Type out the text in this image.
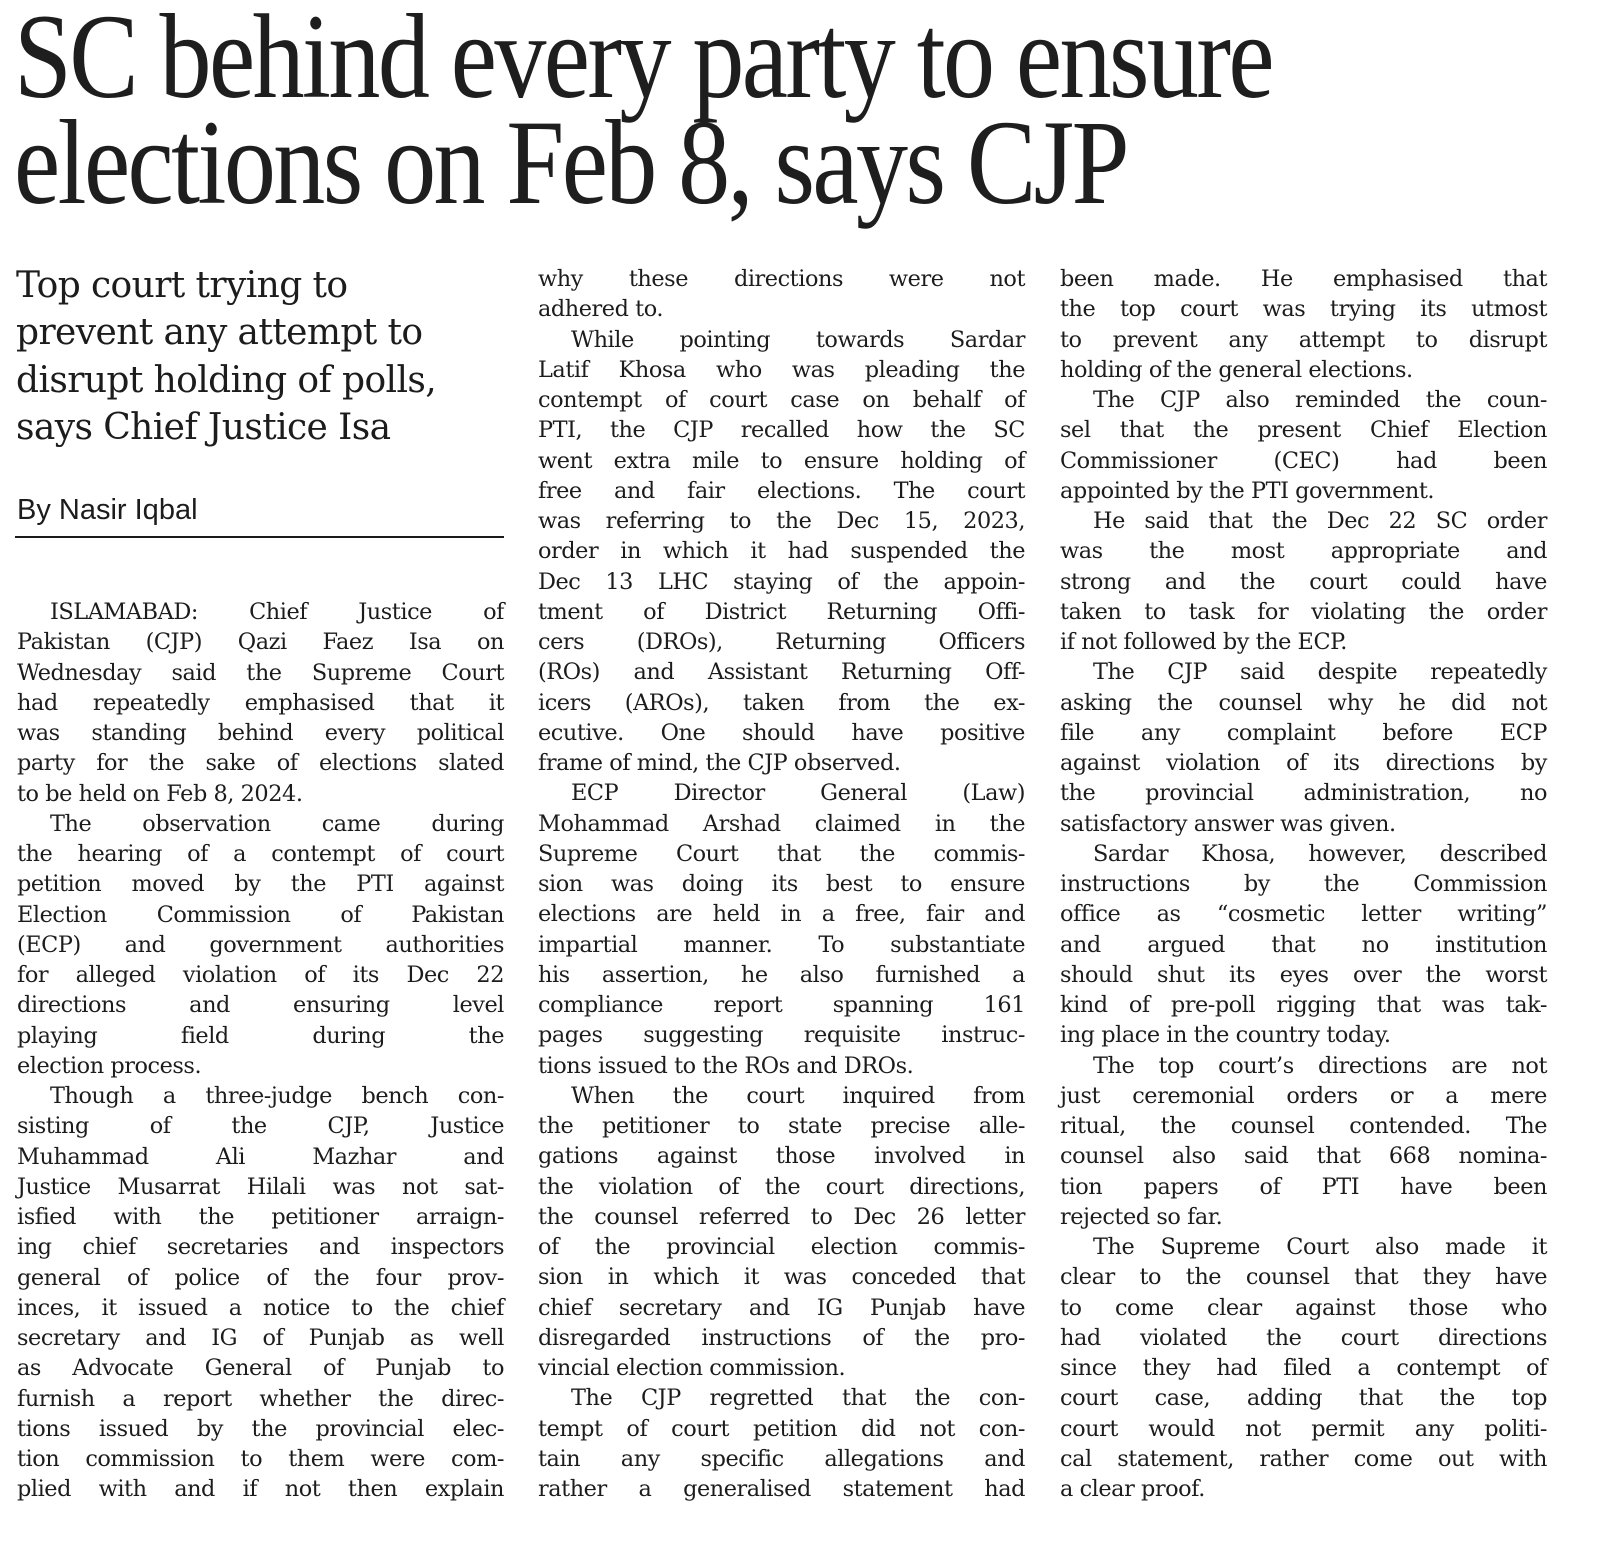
SC behind every party to ensure
elections on Feb 8, says CJP
Top court trying to
prevent any attempt to
disrupt holding of polls,
says Chief Justice Isa
By Nasir Iqbal
ISLAMABAD: Chief Justice of
Pakistan (CJP) Qazi Faez Isa on
Wednesday said the Supreme Court
had repeatedly emphasised that it
was standing behind every political
party for the sake of elections slated
to be held on Feb 8, 2024.
The observation came during
the hearing of a contempt of court
petition moved by the PTI against
Election Commission of Pakistan
(ECP) and government authorities
for alleged violation of its Dec 22
directions and ensuring level
playing field during the
election process.
Though a three-judge bench con-
sisting of the CJP, Justice
Muhammad Ali Mazhar and
Justice Musarrat Hilali was not sat-
isfied with the petitioner arraign-
ing chief secretaries and inspectors
general of police of the four prov-
inces, it issued a notice to the chief
secretary and IG of Punjab as well
as Advocate General of Punjab to
furnish a report whether the direc-
tions issued by the provincial elec-
tion commission to them were com-
plied with and if not then explain
why these directions were not
adhered to.
While pointing towards Sardar
Latif Khosa who was pleading the
contempt of court case on behalf of
PTI, the CJP recalled how the SC
went extra mile to ensure holding of
free and fair elections. The court
was referring to the Dec 15, 2023,
order in which it had suspended the
Dec 13 LHC staying of the appoin-
tment of District Returning Offi-
cers (DROs), Returning Officers
(ROs) and Assistant Returning Off-
icers (AROs), taken from the ex-
ecutive. One should have positive
frame of mind, the CJP observed.
ECP Director General (Law)
Mohammad Arshad claimed in the
Supreme Court that the commis-
sion was doing its best to ensure
elections are held in a free, fair and
impartial manner. To substantiate
his assertion, he also furnished a
compliance report spanning 161
pages suggesting requisite instruc-
tions issued to the ROs and DROs.
When the court inquired from
the petitioner to state precise alle-
gations against those involved in
the violation of the court directions,
the counsel referred to Dec 26 letter
of the provincial election commis-
sion in which it was conceded that
chief secretary and IG Punjab have
disregarded instructions of the pro-
vincial election commission.
The CJP regretted that the con-
tempt of court petition did not con-
tain any specific allegations and
rather a generalised statement had
been made. He emphasised that
the top court was trying its utmost
to prevent any attempt to disrupt
holding of the general elections.
The CJP also reminded the coun-
sel that the present Chief Election
Commissioner (CEC) had been
appointed by the PTI government.
He said that the Dec 22 SC order
was the most appropriate and
strong and the court could have
taken to task for violating the order
if not followed by the ECP.
The CJP said despite repeatedly
asking the counsel why he did not
file any complaint before ECP
against violation of its directions by
the provincial administration, no
satisfactory answer was given.
Sardar Khosa, however, described
instructions by the Commission
office as “cosmetic letter writing”
and argued that no institution
should shut its eyes over the worst
kind of pre-poll rigging that was tak-
ing place in the country today.
The top court’s directions are not
just ceremonial orders or a mere
ritual, the counsel contended. The
counsel also said that 668 nomina-
tion papers of PTI have been
rejected so far.
The Supreme Court also made it
clear to the counsel that they have
to come clear against those who
had violated the court directions
since they had filed a contempt of
court case, adding that the top
court would not permit any politi-
cal statement, rather come out with
a clear proof.
